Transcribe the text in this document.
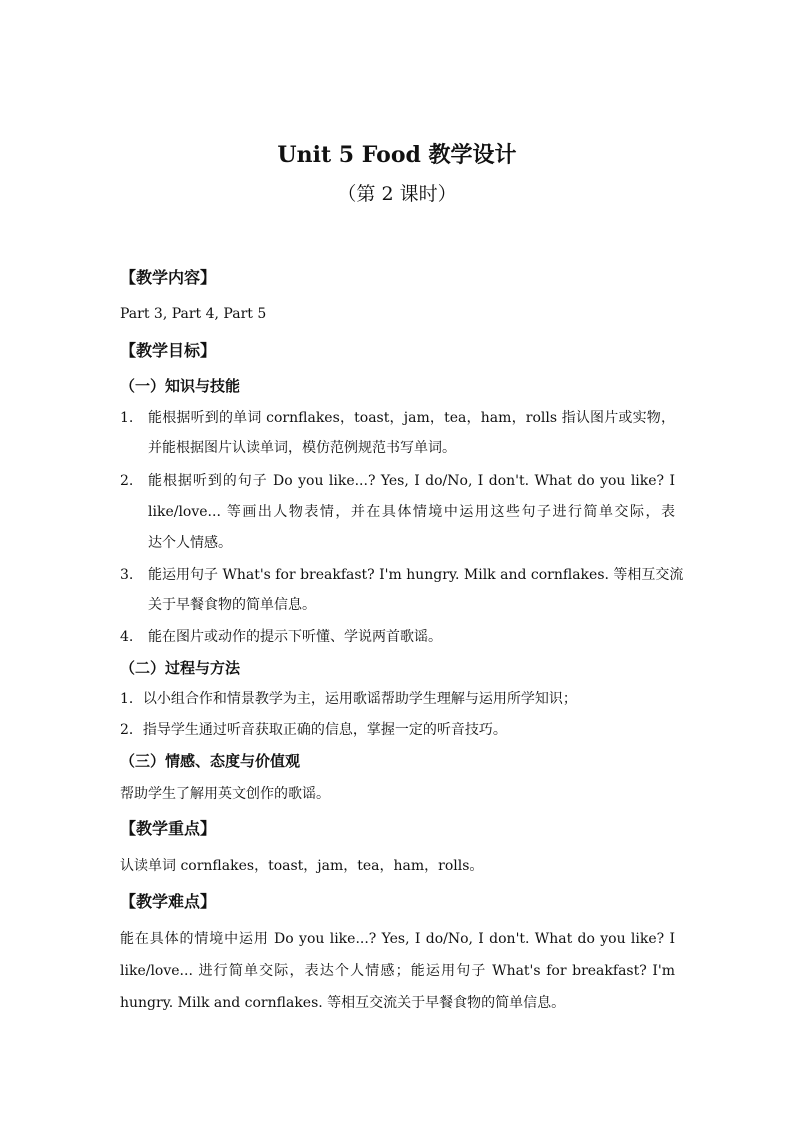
Unit 5 Food 教学设计
（第 2 课时）
【教学内容】
Part 3, Part 4, Part 5
【教学目标】
（一）知识与技能
1. 能根据听到的单词 cornflakes，toast，jam，tea，ham，rolls 指认图片或实物，
并能根据图片认读单词，模仿范例规范书写单词。
2. 能根据听到的句子 Do you like...? Yes, I do/No, I don't. What do you like? I
like/love... 等画出人物表情，并在具体情境中运用这些句子进行简单交际，表
达个人情感。
3. 能运用句子 What's for breakfast? I'm hungry. Milk and cornflakes. 等相互交流
关于早餐食物的简单信息。
4. 能在图片或动作的提示下听懂、学说两首歌谣。
（二）过程与方法
1．以小组合作和情景教学为主，运用歌谣帮助学生理解与运用所学知识；
2．指导学生通过听音获取正确的信息，掌握一定的听音技巧。
（三）情感、态度与价值观
帮助学生了解用英文创作的歌谣。
【教学重点】
认读单词 cornflakes，toast，jam，tea，ham，rolls。
【教学难点】
能在具体的情境中运用 Do you like...? Yes, I do/No, I don't. What do you like? I
like/love... 进行简单交际，表达个人情感；能运用句子 What's for breakfast? I'm
hungry. Milk and cornflakes. 等相互交流关于早餐食物的简单信息。
